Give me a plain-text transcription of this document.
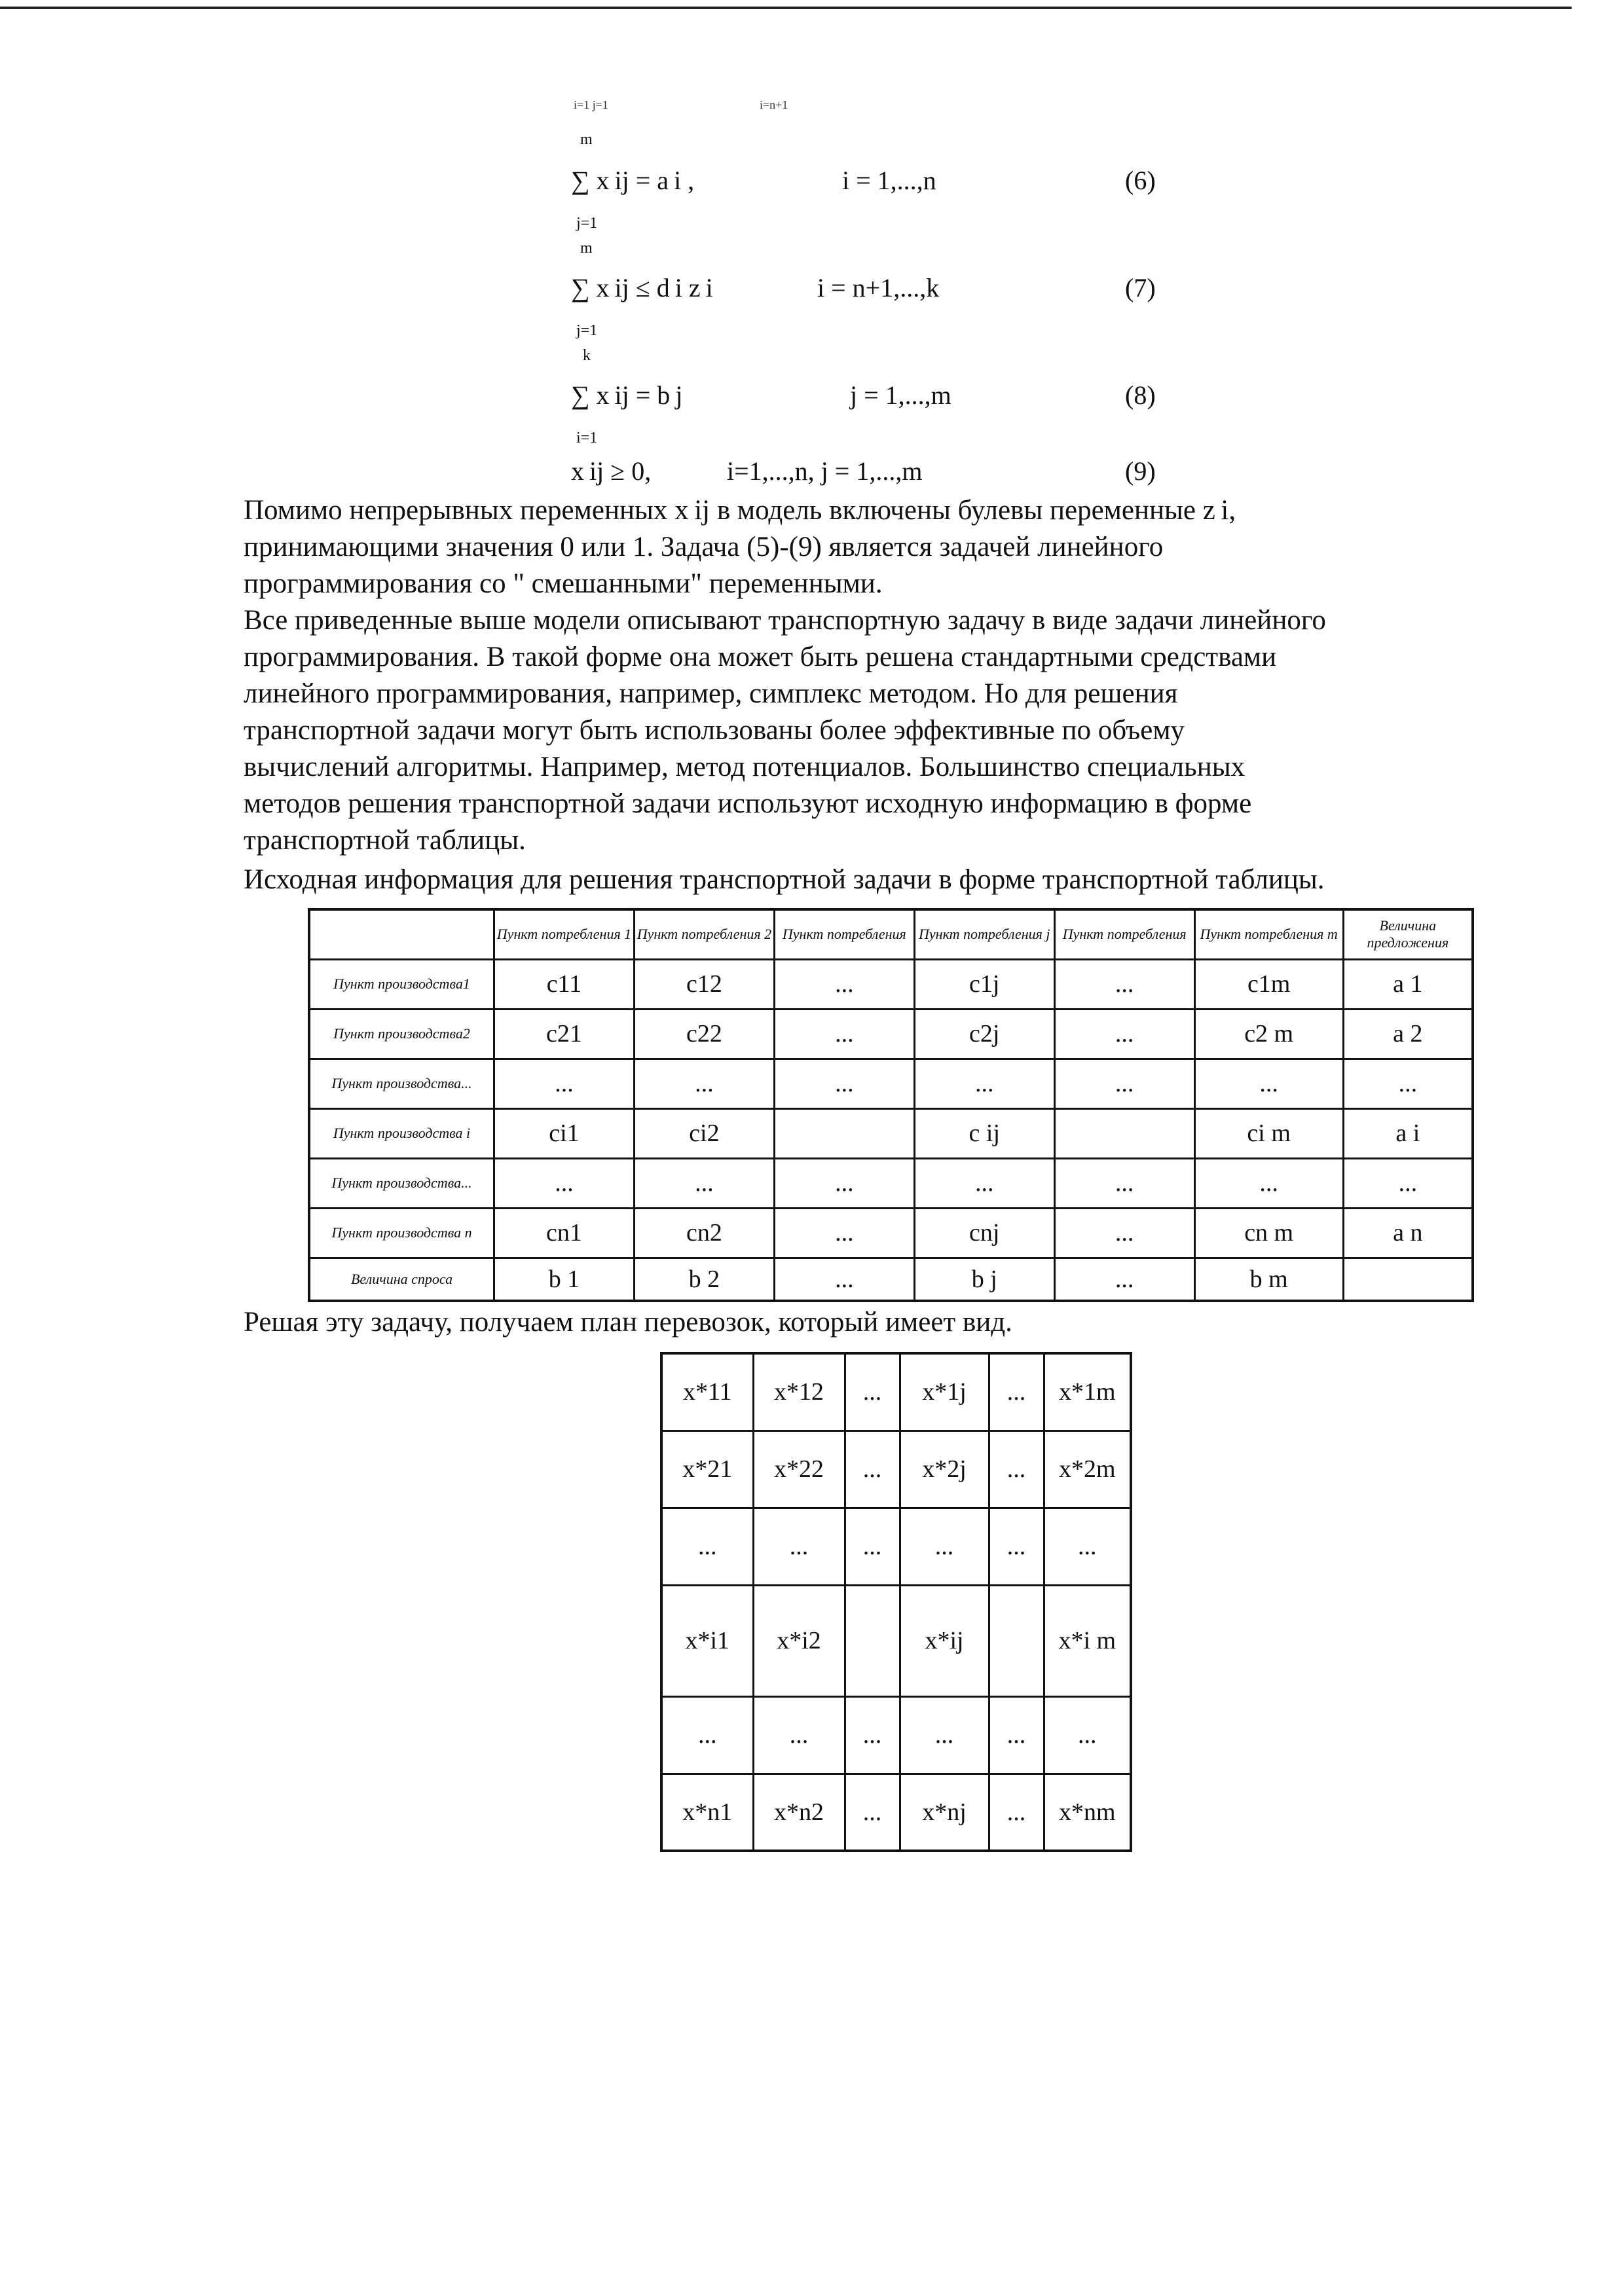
i=1 j=1	i=n+1
m
∑ x ij = a i ,	i = 1,...,n	(6)
j=1
m
∑ x ij ≤ d i z i	i = n+1,...,k	(7)
j=1
k
∑ x ij = b j	j = 1,...,m	(8)
i=1
x ij ≥ 0,	i=1,...,n, j = 1,...,m	(9)
Помимо непрерывных переменных x ij в модель включены булевы переменные z i,
принимающими значения 0 или 1. Задача (5)-(9) является задачей линейного
программирования со " смешанными" переменными.
Все приведенные выше модели описывают транспортную задачу в виде задачи линейного
программирования. В такой форме она может быть решена стандартными средствами
линейного программирования, например, симплекс методом. Но для решения
транспортной задачи могут быть использованы более эффективные по объему
вычислений алгоритмы. Например, метод потенциалов. Большинство специальных
методов решения транспортной задачи используют исходную информацию в форме
транспортной таблицы.
Исходная информация для решения транспортной задачи в форме транспортной таблицы.
	Пункт потребления 1	Пункт потребления 2	Пункт потребления	Пункт потребления j	Пункт потребления	Пункт потребления m	Величина предложения
Пункт производства1	c11	c12	...	c1j	...	c1m	a 1
Пункт производства2	c21	c22	...	c2j	...	c2 m	a 2
Пункт производства...	...	...	...	...	...	...	...
Пункт производства i	ci1	ci2		c ij		ci m	a i
Пункт производства...	...	...	...	...	...	...	...
Пункт производства n	cn1	cn2	...	cnj	...	cn m	a n
Величина спроса	b 1	b 2	...	b j	...	b m	
Решая эту задачу, получаем план перевозок, который имеет вид.
x*11	x*12	...	x*1j	...	x*1m
x*21	x*22	...	x*2j	...	x*2m
...	...	...	...	...	...
x*i1	x*i2		x*ij		x*i m
...	...	...	...	...	...
x*n1	x*n2	...	x*nj	...	x*nm
